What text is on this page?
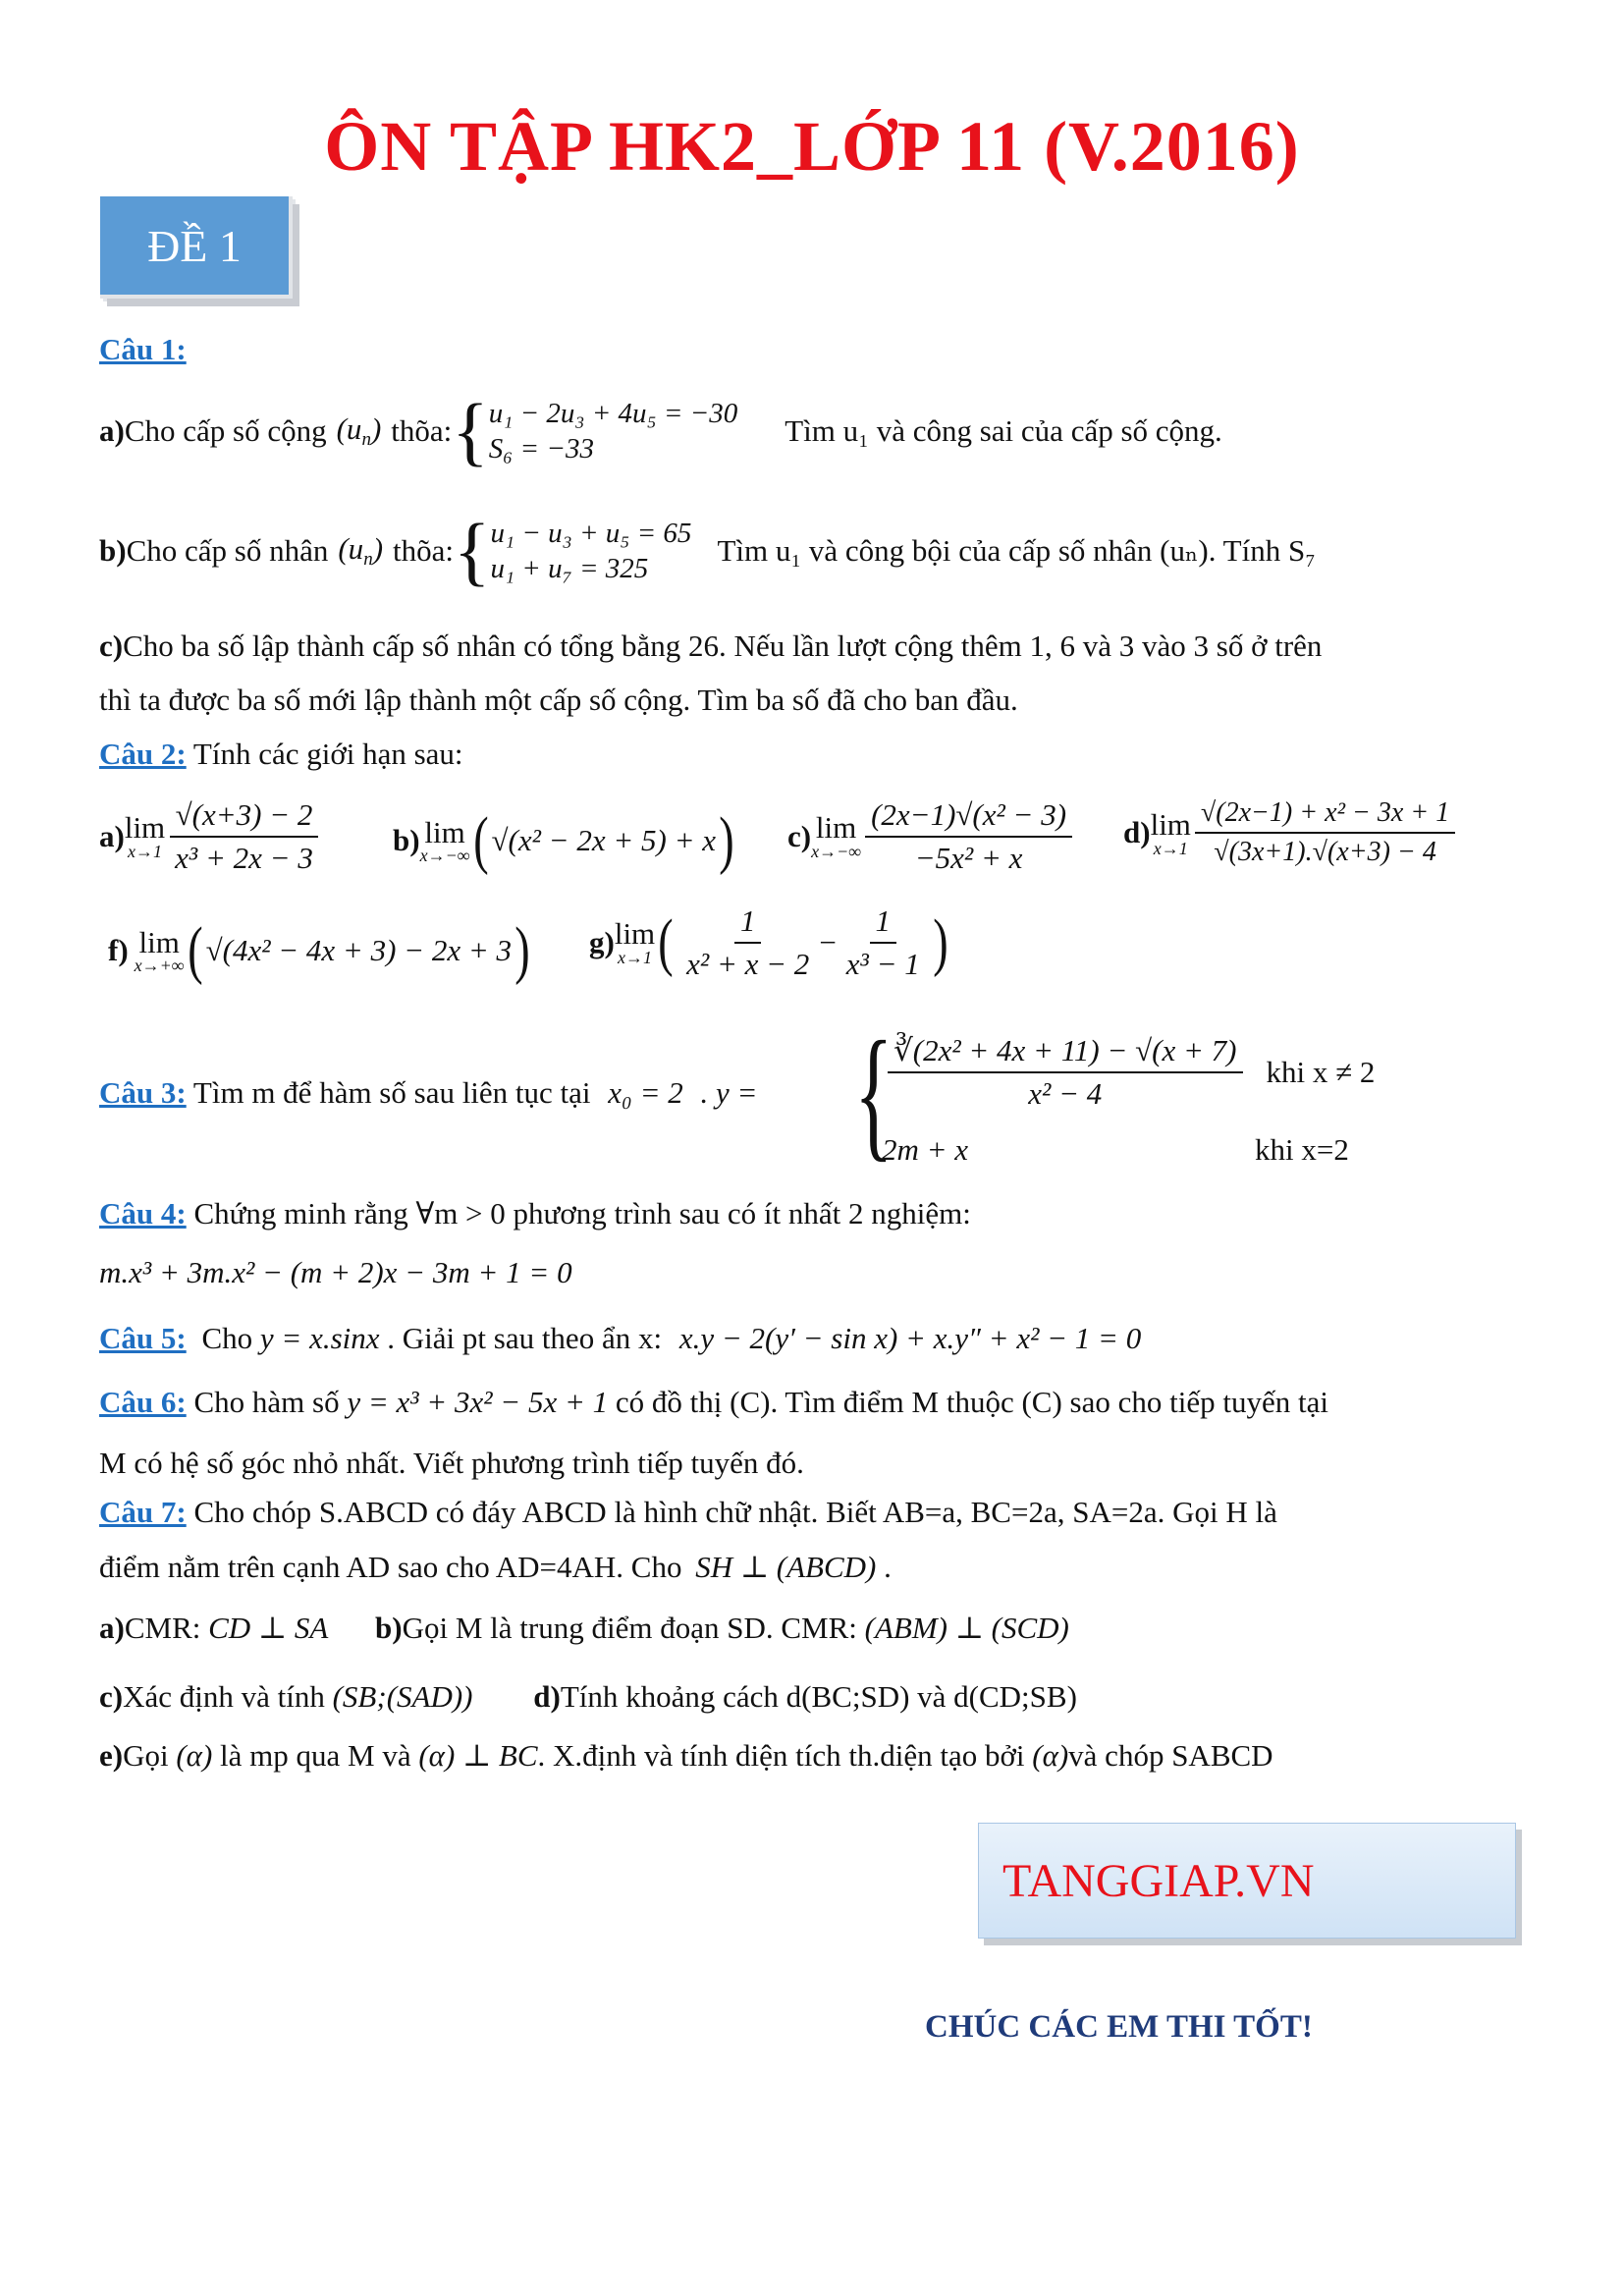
ÔN TẬP HK2_LỚP 11 (V.2016)
ĐỀ 1
Câu 1:
a) Cho cấp số cộng $(u_n)$ thõa: { u₁ − 2u₃ + 4u₅ = −30
S₆ = −33
Tìm u₁ và công sai của cấp số cộng.
b) Cho cấp số nhân $(u_n)$ thõa: { u₁ − u₃ + u₅ = 65
u₁ + u₇ = 325
Tìm u₁ và công bội của cấp số nhân (uₙ). Tính S₇
c)Cho ba số lập thành cấp số nhân có tổng bằng 26. Nếu lần lượt cộng thêm 1, 6 và 3 vào 3 số ở trên
thì ta được ba số mới lập thành một cấp số cộng. Tìm ba số đã cho ban đầu.
Câu 2: Tính các giới hạn sau:
a) lim
$x\to 1 \frac{√(x+3) - 2}{\text{x³ + 2x − 3}} b$) lim
x→−∞ ( √(x² − 2x + 5) + x ) c) lim
$x\to-\infty \frac{\text{(2x−1)√(x² − 3)}}{\text{−5x² + x}} d$) lim
$x\to 1 \frac{\text{√(2x−1) + x² − 3x + 1}}{√(3x+1).√(x+3) - 4}$
f) lim
x→+∞ ( √(4x² − 4x + 3) − 2x + 3 ) g) lim
x→1 ( $\frac{1}{\text{x² + x − 2}} - \frac{1}{\text{x³ − 1}}$ )
Câu 3: Tìm m để hàm số sau liên tục tại x₀ = 2 . y = {
$\frac{\text{∛(2x² + 4x + 11) − √(x + 7)}}{\text{x² − 4}}$ khi x ≠ 2
2m + x	khi x=2
Câu 4: Chứng minh rằng ∀m > 0 phương trình sau có ít nhất 2 nghiệm:
m.x³ + 3m.x² − (m + 2)x − 3m + 1 = 0
Câu 5: Cho y = x.sinx . Giải pt sau theo ẩn x: x.y − 2(y′ − sin x) + x.y″ + x² − 1 = 0
Câu 6: Cho hàm số y = x³ + 3x² − 5x + 1 có đồ thị (C). Tìm điểm M thuộc (C) sao cho tiếp tuyến tại
M có hệ số góc nhỏ nhất. Viết phương trình tiếp tuyến đó.
Câu 7: Cho chóp S.ABCD có đáy ABCD là hình chữ nhật. Biết AB=a, BC=2a, SA=2a. Gọi H là
điểm nằm trên cạnh AD sao cho AD=4AH. Cho SH ⊥ (ABCD) .
a)CMR: CD ⊥ SA b)Gọi M là trung điểm đoạn SD. CMR: (ABM) ⊥ (SCD)
c)Xác định và tính (SB;(SAD)) d)Tính khoảng cách d(BC;SD) và d(CD;SB)
e)Gọi (α) là mp qua M và (α) ⊥ BC. X.định và tính diện tích th.diện tạo bởi (α)và chóp SABCD
TANGGIAP.VN
CHÚC CÁC EM THI TỐT!
